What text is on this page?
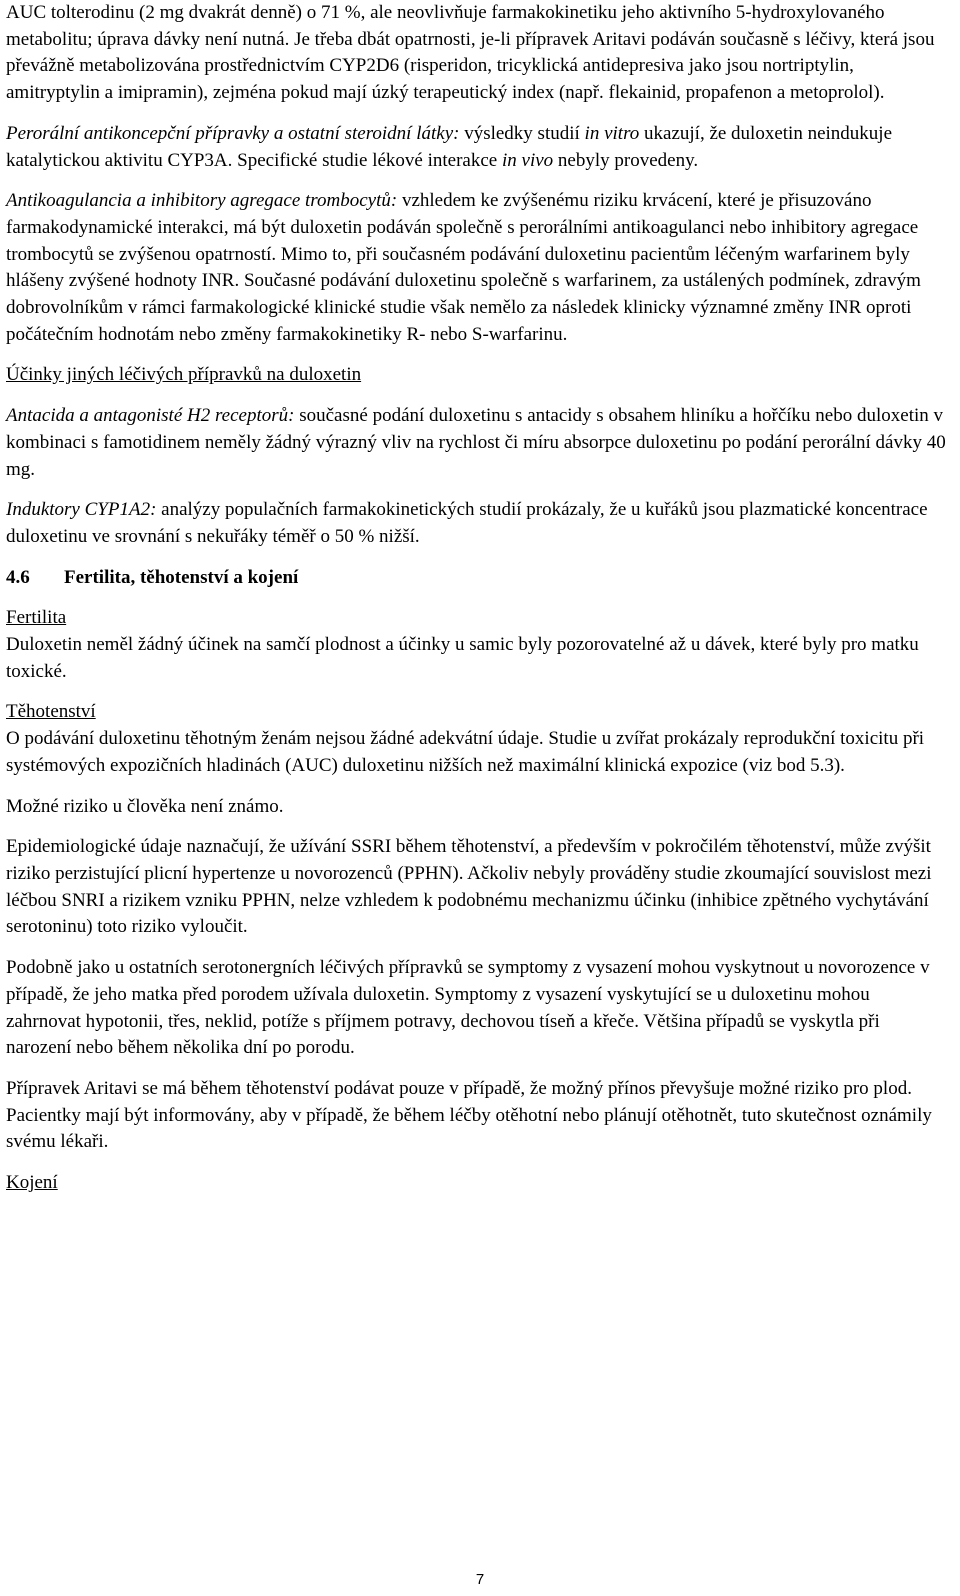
AUC tolterodinu (2 mg dvakrát denně) o 71 %, ale neovlivňuje farmakokinetiku jeho aktivního 5-hydroxylovaného metabolitu; úprava dávky není nutná. Je třeba dbát opatrnosti, je-li přípravek Aritavi podáván současně s léčivy, která jsou převážně metabolizována prostřednictvím CYP2D6 (risperidon, tricyklická antidepresiva jako jsou nortriptylin, amitryptylin a imipramin), zejména pokud mají úzký terapeutický index (např. flekainid, propafenon a metoprolol).

Perorální antikoncepční přípravky a ostatní steroidní látky: výsledky studií in vitro ukazují, že duloxetin neindukuje katalytickou aktivitu CYP3A. Specifické studie lékové interakce in vivo nebyly provedeny.

Antikoagulancia a inhibitory agregace trombocytů: vzhledem ke zvýšenému riziku krvácení, které je přisuzováno farmakodynamické interakci, má být duloxetin podáván společně s perorálními antikoagulanci nebo inhibitory agregace trombocytů se zvýšenou opatrností. Mimo to, při současném podávání duloxetinu pacientům léčeným warfarinem byly hlášeny zvýšené hodnoty INR. Současné podávání duloxetinu společně s warfarinem, za ustálených podmínek, zdravým dobrovolníkům v rámci farmakologické klinické studie však nemělo za následek klinicky významné změny INR oproti počátečním hodnotám nebo změny farmakokinetiky R- nebo S-warfarinu.

Účinky jiných léčivých přípravků na duloxetin

Antacida a antagonisté H2 receptorů: současné podání duloxetinu s antacidy s obsahem hliníku a hořčíku nebo duloxetin v kombinaci s famotidinem neměly žádný výrazný vliv na rychlost či míru absorpce duloxetinu po podání perorální dávky 40 mg.

Induktory CYP1A2: analýzy populačních farmakokinetických studií prokázaly, že u kuřáků jsou plazmatické koncentrace duloxetinu ve srovnání s nekuřáky téměř o 50 % nižší.

4.6 Fertilita, těhotenství a kojení

Fertilita

Duloxetin neměl žádný účinek na samčí plodnost a účinky u samic byly pozorovatelné až u dávek, které byly pro matku toxické.

Těhotenství

O podávání duloxetinu těhotným ženám nejsou žádné adekvátní údaje. Studie u zvířat prokázaly reprodukční toxicitu při systémových expozičních hladinách (AUC) duloxetinu nižších než maximální klinická expozice (viz bod 5.3).

Možné riziko u člověka není známo.

Epidemiologické údaje naznačují, že užívání SSRI během těhotenství, a především v pokročilém těhotenství, může zvýšit riziko perzistující plicní hypertenze u novorozenců (PPHN). Ačkoliv nebyly prováděny studie zkoumající souvislost mezi léčbou SNRI a rizikem vzniku PPHN, nelze vzhledem k podobnému mechanizmu účinku (inhibice zpětného vychytávání serotoninu) toto riziko vyloučit.

Podobně jako u ostatních serotonergních léčivých přípravků se symptomy z vysazení mohou vyskytnout u novorozence v případě, že jeho matka před porodem užívala duloxetin. Symptomy z vysazení vyskytující se u duloxetinu mohou zahrnovat hypotonii, třes, neklid, potíže s příjmem potravy, dechovou tíseň a křeče. Většina případů se vyskytla při narození nebo během několika dní po porodu.

Přípravek Aritavi se má během těhotenství podávat pouze v případě, že možný přínos převyšuje možné riziko pro plod. Pacientky mají být informovány, aby v případě, že během léčby otěhotní nebo plánují otěhotnět, tuto skutečnost oznámily svému lékaři.

Kojení

7
